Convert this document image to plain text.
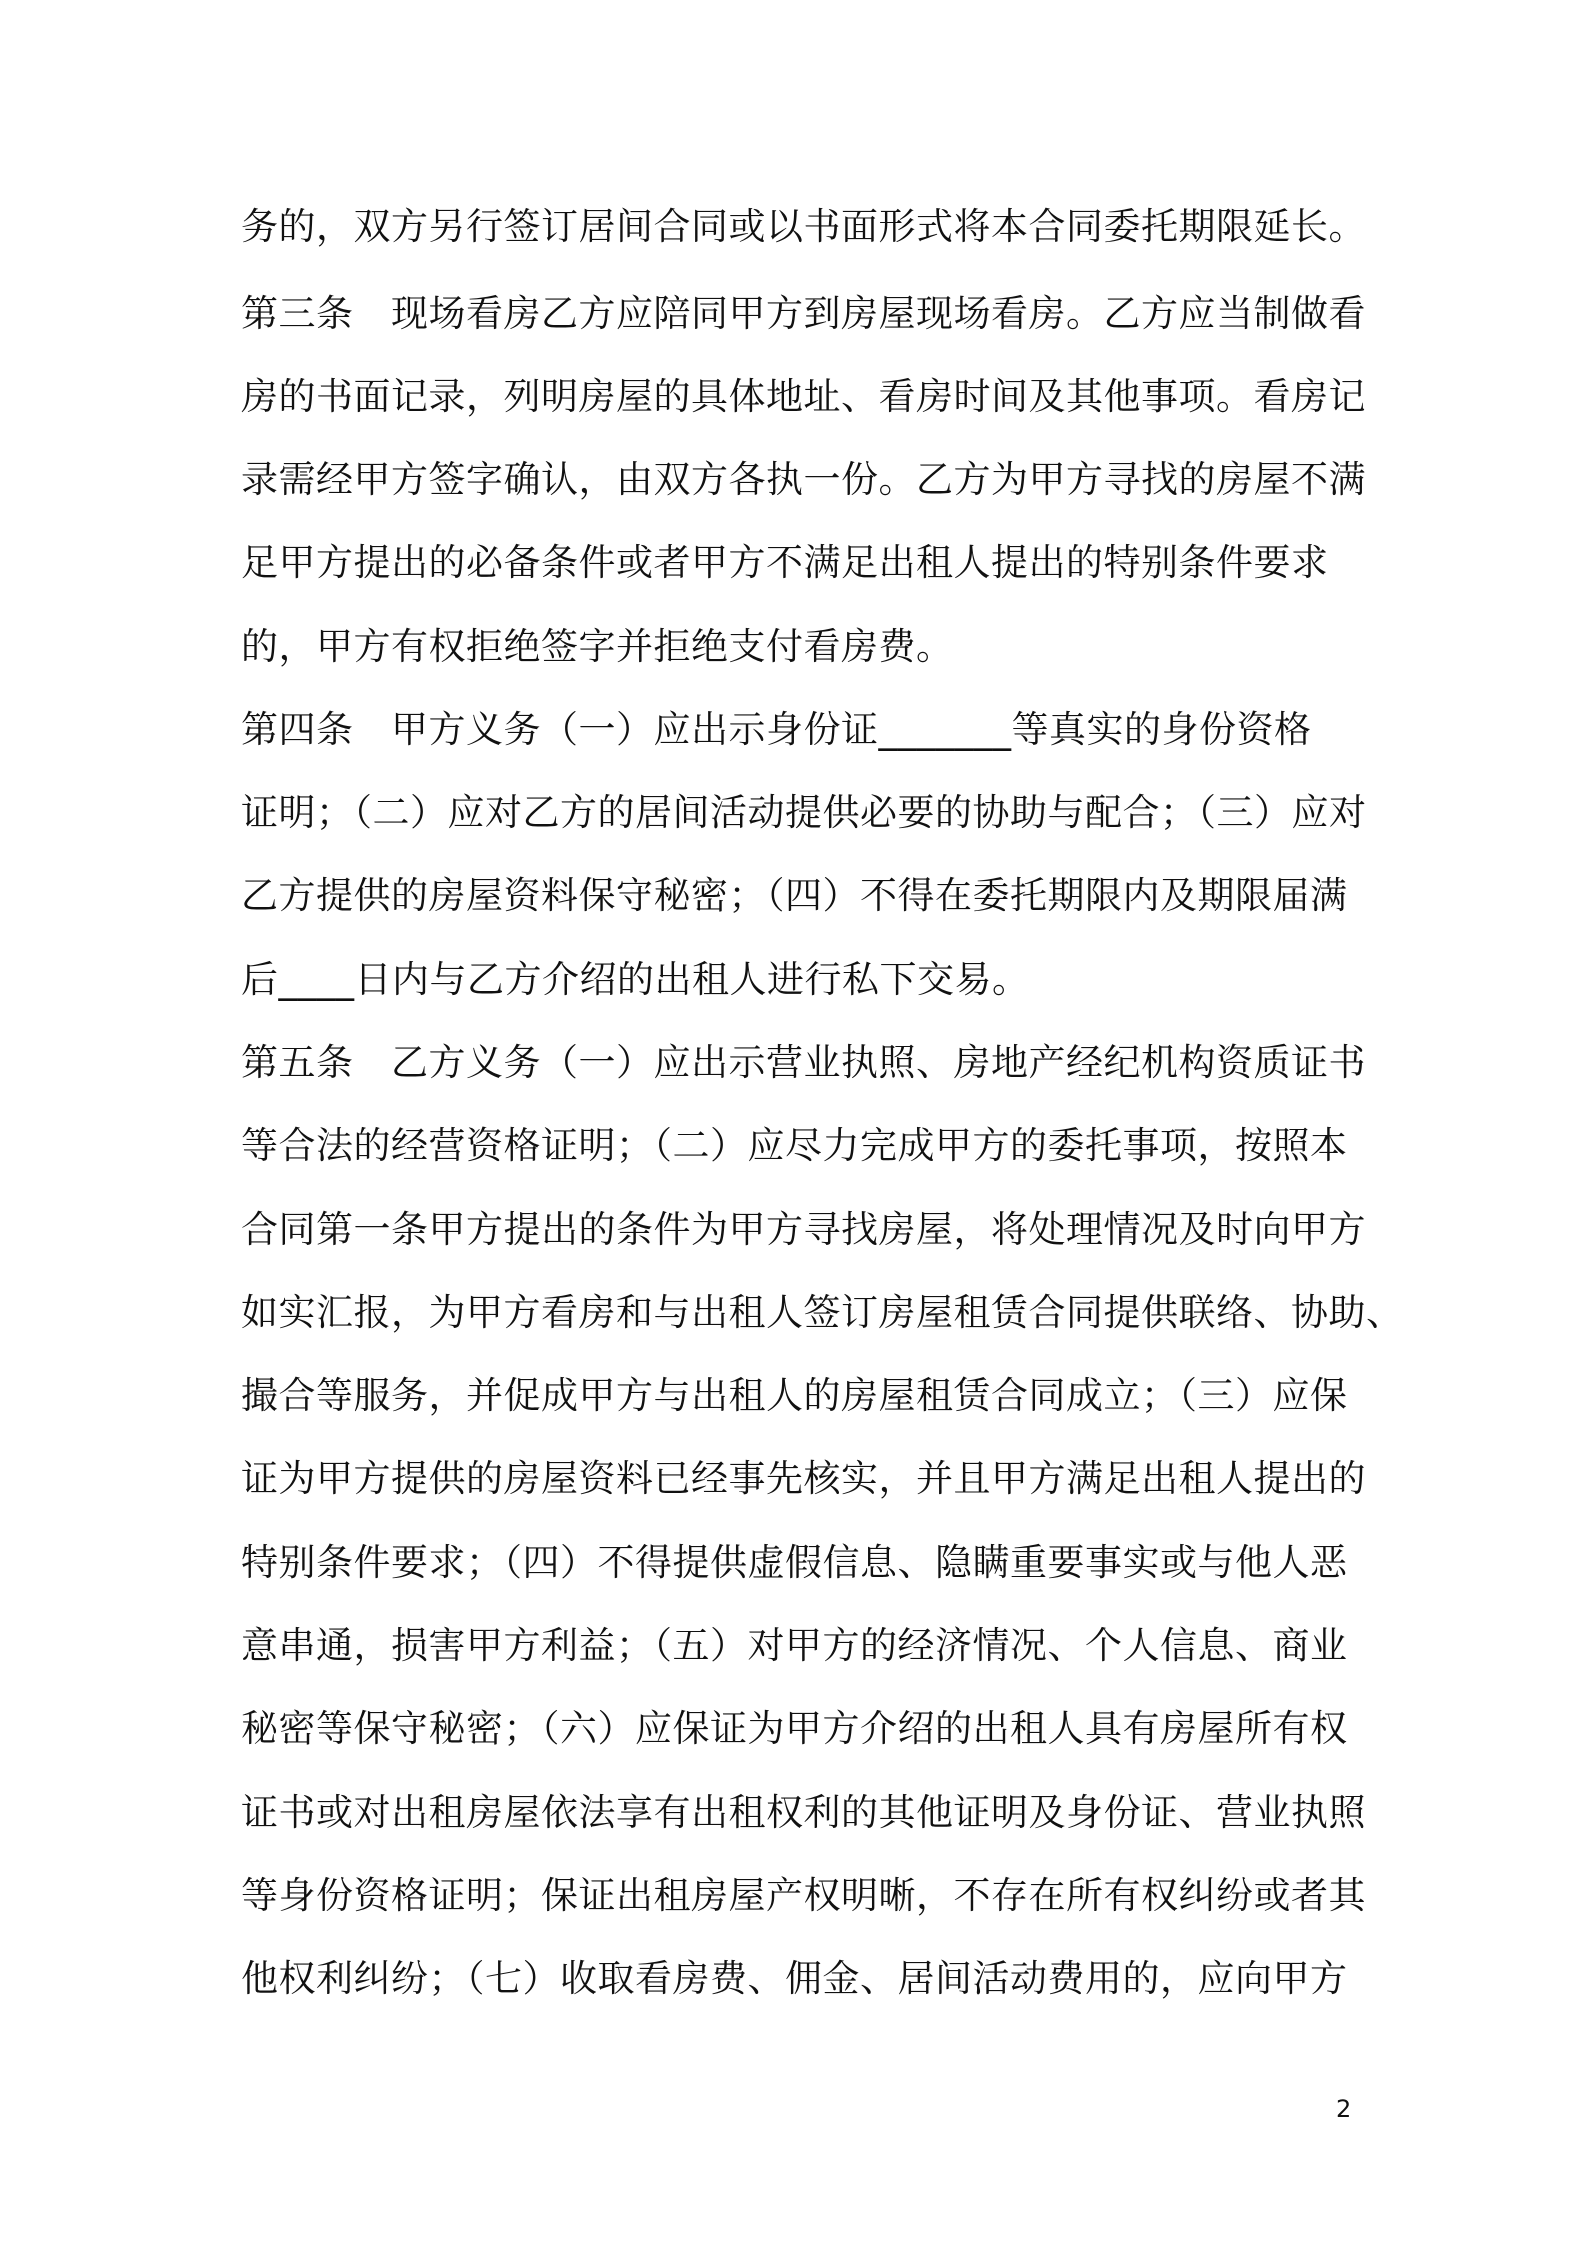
务的，双方另行签订居间合同或以书面形式将本合同委托期限延长。
第三条　现场看房乙方应陪同甲方到房屋现场看房。乙方应当制做看
房的书面记录，列明房屋的具体地址、看房时间及其他事项。看房记
录需经甲方签字确认，由双方各执一份。乙方为甲方寻找的房屋不满
足甲方提出的必备条件或者甲方不满足出租人提出的特别条件要求
的，甲方有权拒绝签字并拒绝支付看房费。
第四条　甲方义务（一）应出示身份证_______等真实的身份资格
证明；（二）应对乙方的居间活动提供必要的协助与配合；（三）应对
乙方提供的房屋资料保守秘密；（四）不得在委托期限内及期限届满
后____日内与乙方介绍的出租人进行私下交易。
第五条　乙方义务（一）应出示营业执照、房地产经纪机构资质证书
等合法的经营资格证明；（二）应尽力完成甲方的委托事项，按照本
合同第一条甲方提出的条件为甲方寻找房屋，将处理情况及时向甲方
如实汇报，为甲方看房和与出租人签订房屋租赁合同提供联络、协助、
撮合等服务，并促成甲方与出租人的房屋租赁合同成立；（三）应保
证为甲方提供的房屋资料已经事先核实，并且甲方满足出租人提出的
特别条件要求；（四）不得提供虚假信息、隐瞒重要事实或与他人恶
意串通，损害甲方利益；（五）对甲方的经济情况、个人信息、商业
秘密等保守秘密；（六）应保证为甲方介绍的出租人具有房屋所有权
证书或对出租房屋依法享有出租权利的其他证明及身份证、营业执照
等身份资格证明；保证出租房屋产权明晰，不存在所有权纠纷或者其
他权利纠纷；（七）收取看房费、佣金、居间活动费用的，应向甲方
2
